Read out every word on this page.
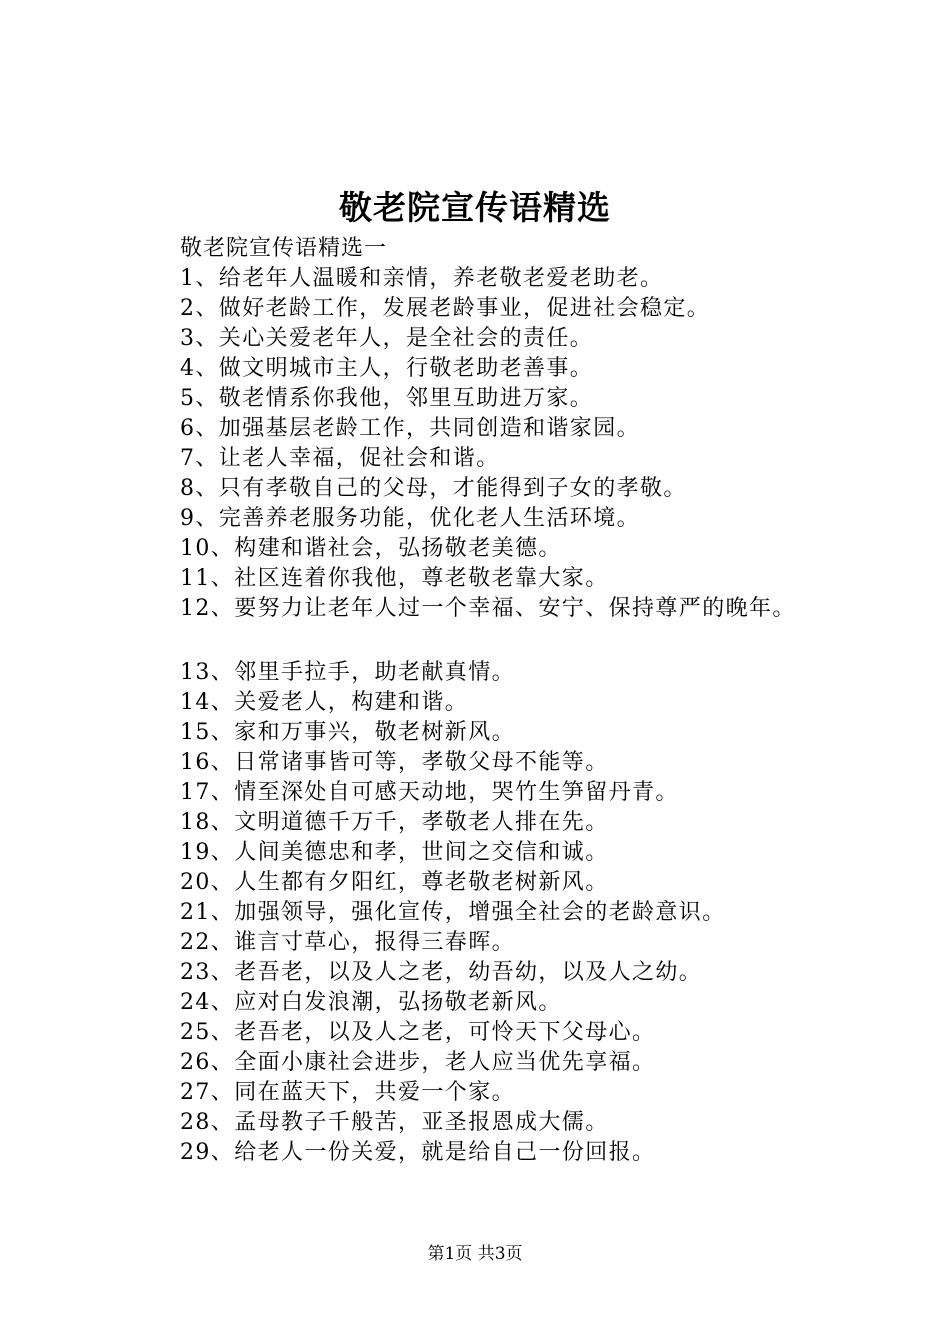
敬老院宣传语精选
敬老院宣传语精选一
1、给老年人温暖和亲情，养老敬老爱老助老。
2、做好老龄工作，发展老龄事业，促进社会稳定。
3、关心关爱老年人，是全社会的责任。
4、做文明城市主人，行敬老助老善事。
5、敬老情系你我他，邻里互助进万家。
6、加强基层老龄工作，共同创造和谐家园。
7、让老人幸福，促社会和谐。
8、只有孝敬自己的父母，才能得到子女的孝敬。
9、完善养老服务功能，优化老人生活环境。
10、构建和谐社会，弘扬敬老美德。
11、社区连着你我他，尊老敬老靠大家。
12、要努力让老年人过一个幸福、安宁、保持尊严的晚年。
13、邻里手拉手，助老献真情。
14、关爱老人，构建和谐。
15、家和万事兴，敬老树新风。
16、日常诸事皆可等，孝敬父母不能等。
17、情至深处自可感天动地，哭竹生笋留丹青。
18、文明道德千万千，孝敬老人排在先。
19、人间美德忠和孝，世间之交信和诚。
20、人生都有夕阳红，尊老敬老树新风。
21、加强领导，强化宣传，增强全社会的老龄意识。
22、谁言寸草心，报得三春晖。
23、老吾老，以及人之老，幼吾幼，以及人之幼。
24、应对白发浪潮，弘扬敬老新风。
25、老吾老，以及人之老，可怜天下父母心。
26、全面小康社会进步，老人应当优先享福。
27、同在蓝天下，共爱一个家。
28、孟母教子千般苦，亚圣报恩成大儒。
29、给老人一份关爱，就是给自己一份回报。
第1页 共3页
